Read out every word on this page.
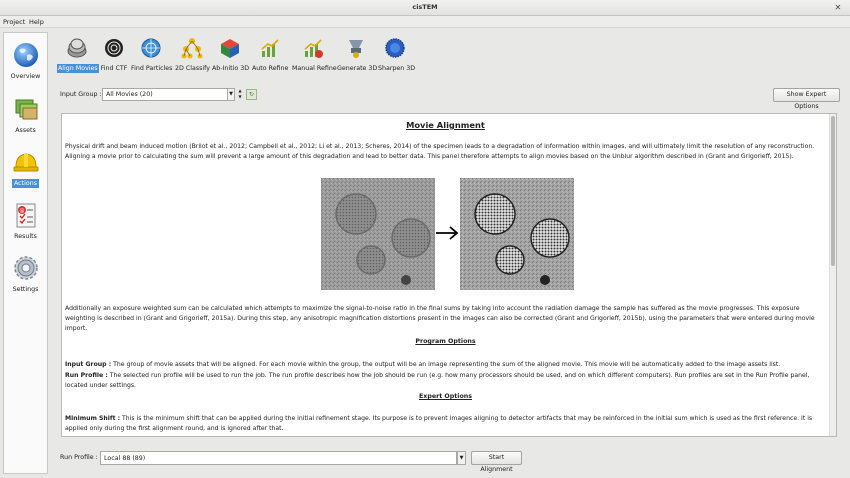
cisTEM	✕
Project Help
Overview
Assets
Actions
@
Results
Settings
Align Movies Find CTF Find Particles 2D Classify Ab-Initio 3D Auto Refine Manual Refine Generate 3D Sharpen 3D
Input Group : All Movies (20)	▼
▲
▼	↻	Show Expert Options
Movie Alignment

Physical drift and beam induced motion (Brilot et al., 2012; Campbell et al., 2012; Li et al., 2013; Scheres, 2014) of the specimen leads to a degradation of information within images, and will ultimately limit the resolution of any reconstruction. Aligning a movie prior to calculating the sum will prevent a large amount of this degradation and lead to better data. This panel therefore attempts to align movies based on the Unblur algorithm described in (Grant and Grigorieff, 2015).

Additionally an exposure weighted sum can be calculated which attempts to maximize the signal-to-noise ratio in the final sums by taking into account the radiation damage the sample has suffered as the movie progresses. This exposure weighting is described in (Grant and Grigorieff, 2015a). During this step, any anisotropic magnification distortions present in the images can also be corrected (Grant and Grigorieff, 2015b), using the parameters that were entered during movie import.

Program Options

Input Group : The group of movie assets that will be aligned. For each movie within the group, the output will be an image representing the sum of the aligned movie. This movie will be automatically added to the image assets list.

Run Profile : The selected run profile will be used to run the job. The run profile describes how the job should be run (e.g. how many processors should be used, and on which different computers). Run profiles are set in the Run Profile panel, located under settings.

Expert Options

Minimum Shift : This is the minimum shift that can be applied during the initial refinement stage. Its purpose is to prevent images aligning to detector artifacts that may be reinforced in the initial sum which is used as the first reference. It is applied only during the first alignment round, and is ignored after that.

Run Profile : Local 88 (89)	▼	Start Alignment
